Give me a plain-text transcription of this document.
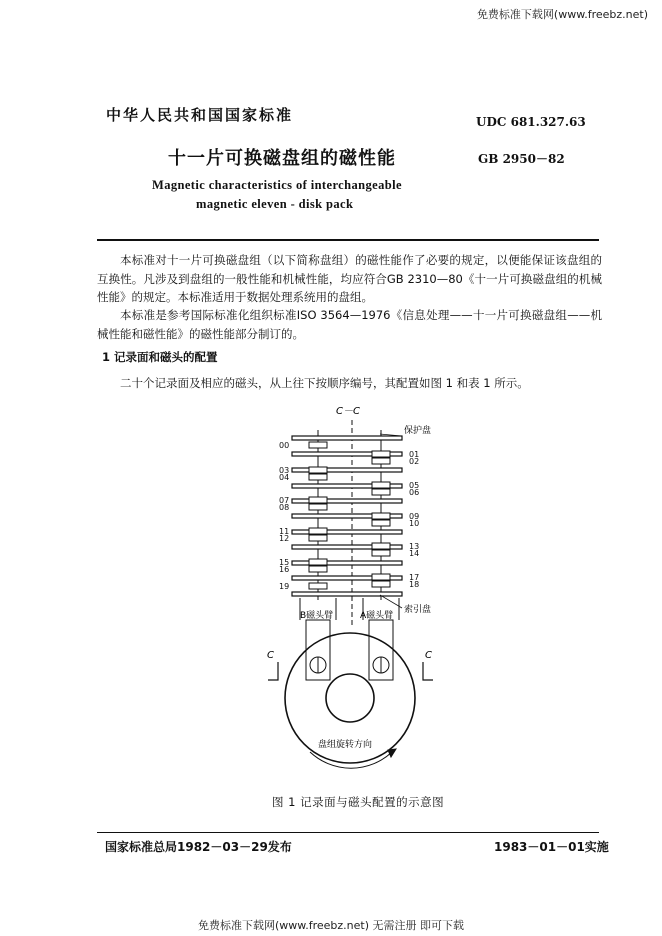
免费标准下载网(www.freebz.net)
中华人民共和国国家标准	UDC 681.327.63
十一片可换磁盘组的磁性能	GB 2950－82
Magnetic characteristics of interchangeable
magnetic eleven - disk pack
本标准对十一片可换磁盘组（以下简称盘组）的磁性能作了必要的规定，以便能保证该盘组的互换性。凡涉及到盘组的一般性能和机械性能，均应符合GB 2310—80《十一片可换磁盘组的机械性能》的规定。本标准适用于数据处理系统用的盘组。
本标准是参考国际标准化组织标准ISO 3564—1976《信息处理——十一片可换磁盘组——机械性能和磁性能》的磁性能部分制订的。
1 记录面和磁头的配置
二十个记录面及相应的磁头，从上往下按顺序编号，其配置如图 1 和表 1 所示。
C－C
00
03
04
07
08
11
12
15
16
19
01
02
05
06
09
10
13
14
17
18
保护盘
索引盘
B磁头臂	A磁头臂
盘组旋转方向
C	C
图 1 记录面与磁头配置的示意图
国家标准总局1982－03－29发布	1983－01－01实施
免费标准下载网(www.freebz.net) 无需注册 即可下载
